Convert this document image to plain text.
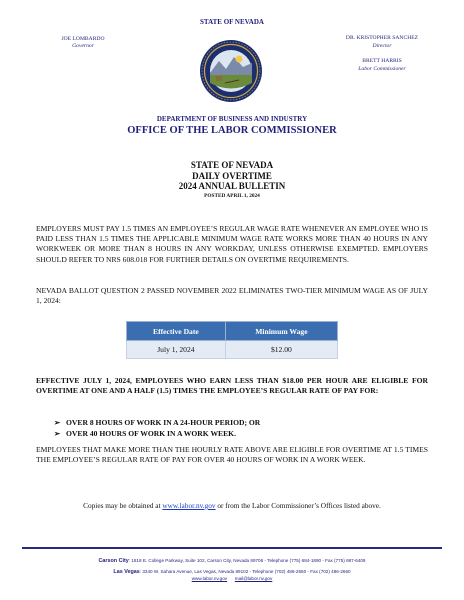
STATE OF NEVADA
JOE LOMBARDO
Governor
DR. KRISTOPHER SANCHEZ
Director
BRETT HARRIS
Labor Commissioner
DEPARTMENT OF BUSINESS AND INDUSTRY
OFFICE OF THE LABOR COMMISSIONER
STATE OF NEVADA
DAILY OVERTIME
2024 ANNUAL BULLETIN
POSTED APRIL 1, 2024
EMPLOYERS MUST PAY 1.5 TIMES AN EMPLOYEE’S REGULAR WAGE RATE WHENEVER AN EMPLOYEE WHO IS PAID LESS THAN 1.5 TIMES THE APPLICABLE MINIMUM WAGE RATE WORKS MORE THAN 40 HOURS IN ANY WORKWEEK OR MORE THAN 8 HOURS IN ANY WORKDAY, UNLESS OTHERWISE EXEMPTED. EMPLOYERS SHOULD REFER TO NRS 608.018 FOR FURTHER DETAILS ON OVERTIME REQUIREMENTS.
NEVADA BALLOT QUESTION 2 PASSED NOVEMBER 2022 ELIMINATES TWO-TIER MINIMUM WAGE AS OF JULY 1, 2024:
Effective Date	Minimum Wage
July 1, 2024	$12.00
EFFECTIVE JULY 1, 2024, EMPLOYEES WHO EARN LESS THAN $18.00 PER HOUR ARE ELIGIBLE FOR OVERTIME AT ONE AND A HALF (1.5) TIMES THE EMPLOYEE’S REGULAR RATE OF PAY FOR:
➢ OVER 8 HOURS OF WORK IN A 24-HOUR PERIOD; OR
➢ OVER 40 HOURS OF WORK IN A WORK WEEK.
EMPLOYEES THAT MAKE MORE THAN THE HOURLY RATE ABOVE ARE ELIGIBLE FOR OVERTIME AT 1.5 TIMES THE EMPLOYEE’S REGULAR RATE OF PAY FOR OVER 40 HOURS OF WORK IN A WORK WEEK.
Copies may be obtained at www.labor.nv.gov or from the Labor Commissioner’s Offices listed above.
Carson City: 1818 E. College Parkway, Suite 102, Carson City, Nevada 89706 - Telephone (775) 684-1890 - Fax (775) 687-6409
Las Vegas: 3340 W. Sahara Avenue, Las Vegas, Nevada 89102 - Telephone (702) 486-2650 - Fax (702) 486-2660
www.labor.nv.gov mail@labor.nv.gov
